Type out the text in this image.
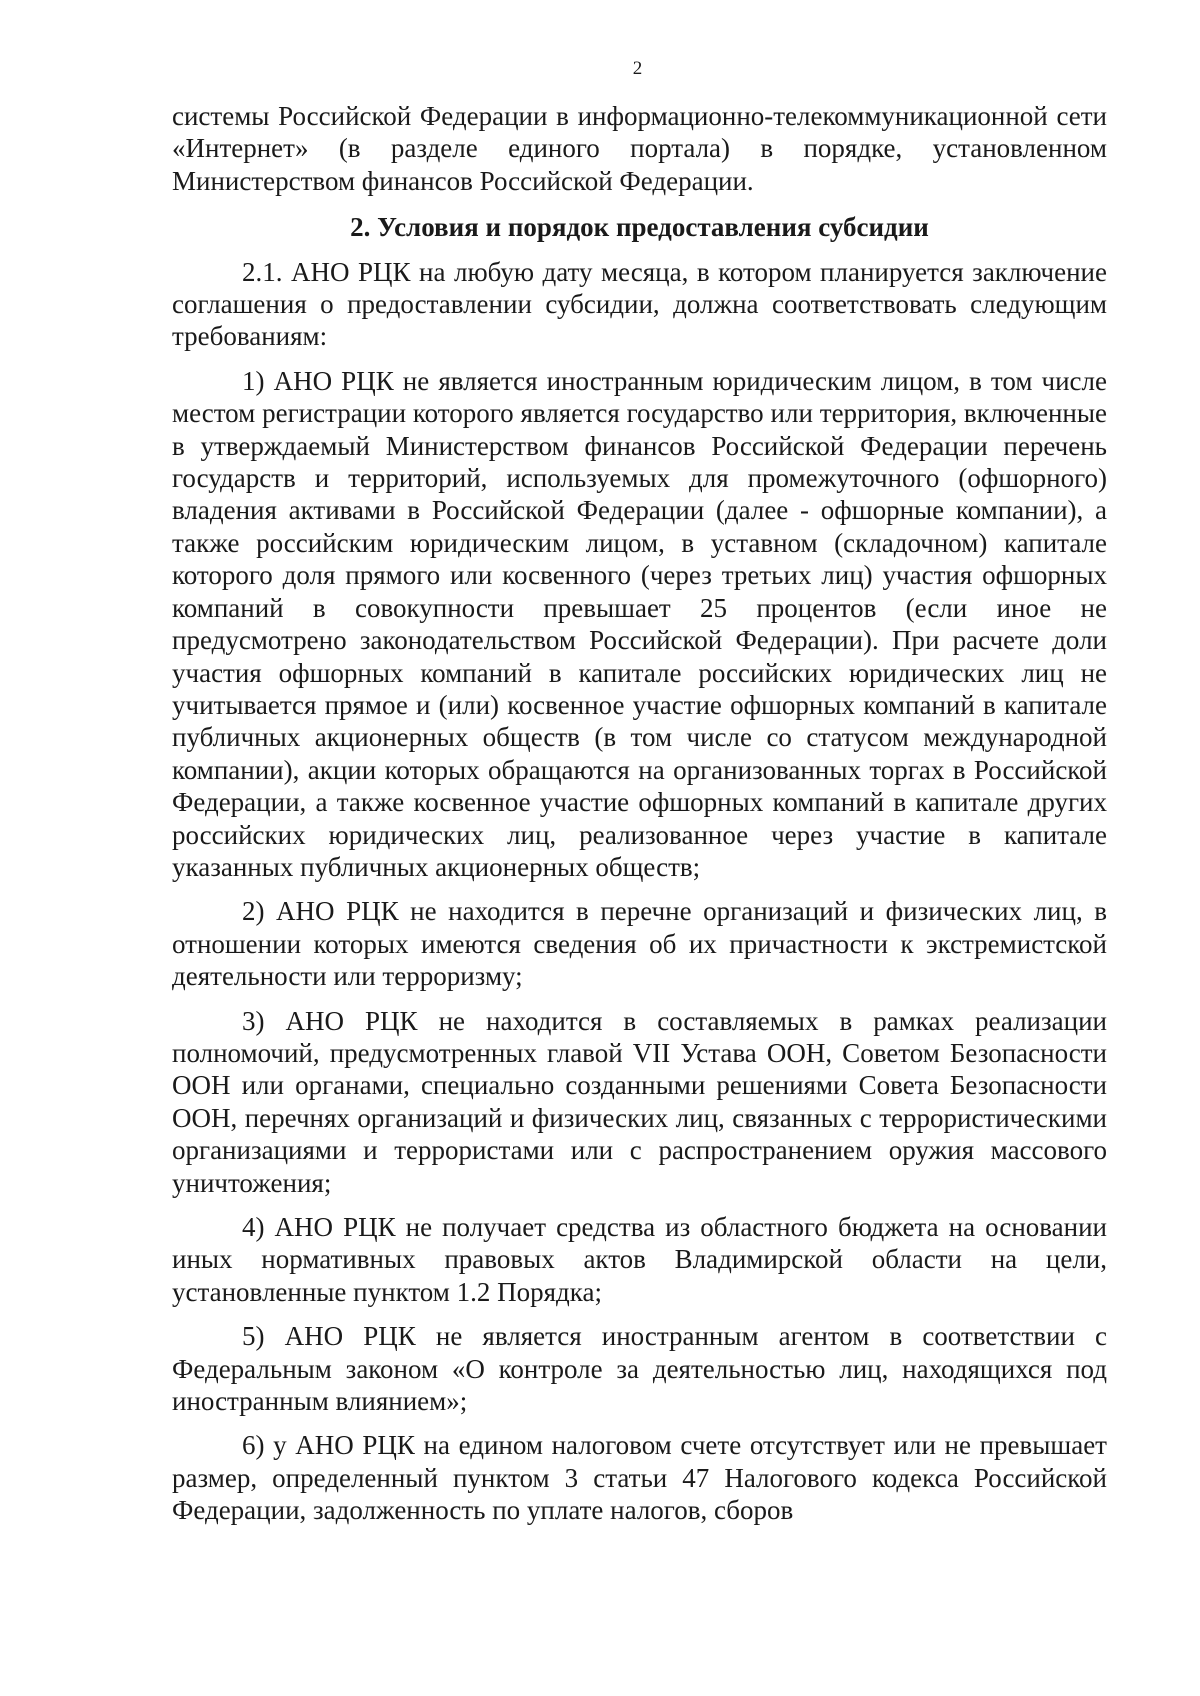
2

системы Российской Федерации в информационно-телекоммуникационной сети «Интернет» (в разделе единого портала) в порядке, установленном Министерством финансов Российской Федерации.

2. Условия и порядок предоставления субсидии

2.1. АНО РЦК на любую дату месяца, в котором планируется заключение соглашения о предоставлении субсидии, должна соответствовать следующим требованиям:

1) АНО РЦК не является иностранным юридическим лицом, в том числе местом регистрации которого является государство или территория, включенные в утверждаемый Министерством финансов Российской Федерации перечень государств и территорий, используемых для промежуточного (офшорного) владения активами в Российской Федерации (далее - офшорные компании), а также российским юридическим лицом, в уставном (складочном) капитале которого доля прямого или косвенного (через третьих лиц) участия офшорных компаний в совокупности превышает 25 процентов (если иное не предусмотрено законодательством Российской Федерации). При расчете доли участия офшорных компаний в капитале российских юридических лиц не учитывается прямое и (или) косвенное участие офшорных компаний в капитале публичных акционерных обществ (в том числе со статусом международной компании), акции которых обращаются на организованных торгах в Российской Федерации, а также косвенное участие офшорных компаний в капитале других российских юридических лиц, реализованное через участие в капитале указанных публичных акционерных обществ;

2) АНО РЦК не находится в перечне организаций и физических лиц, в отношении которых имеются сведения об их причастности к экстремистской деятельности или терроризму;

3) АНО РЦК не находится в составляемых в рамках реализации полномочий, предусмотренных главой VII Устава ООН, Советом Безопасности ООН или органами, специально созданными решениями Совета Безопасности ООН, перечнях организаций и физических лиц, связанных с террористическими организациями и террористами или с распространением оружия массового уничтожения;

4) АНО РЦК не получает средства из областного бюджета на основании иных нормативных правовых актов Владимирской области на цели, установленные пунктом 1.2 Порядка;

5) АНО РЦК не является иностранным агентом в соответствии с Федеральным законом «О контроле за деятельностью лиц, находящихся под иностранным влиянием»;

6) у АНО РЦК на едином налоговом счете отсутствует или не превышает размер, определенный пунктом 3 статьи 47 Налогового кодекса Российской Федерации, задолженность по уплате налогов, сборов
